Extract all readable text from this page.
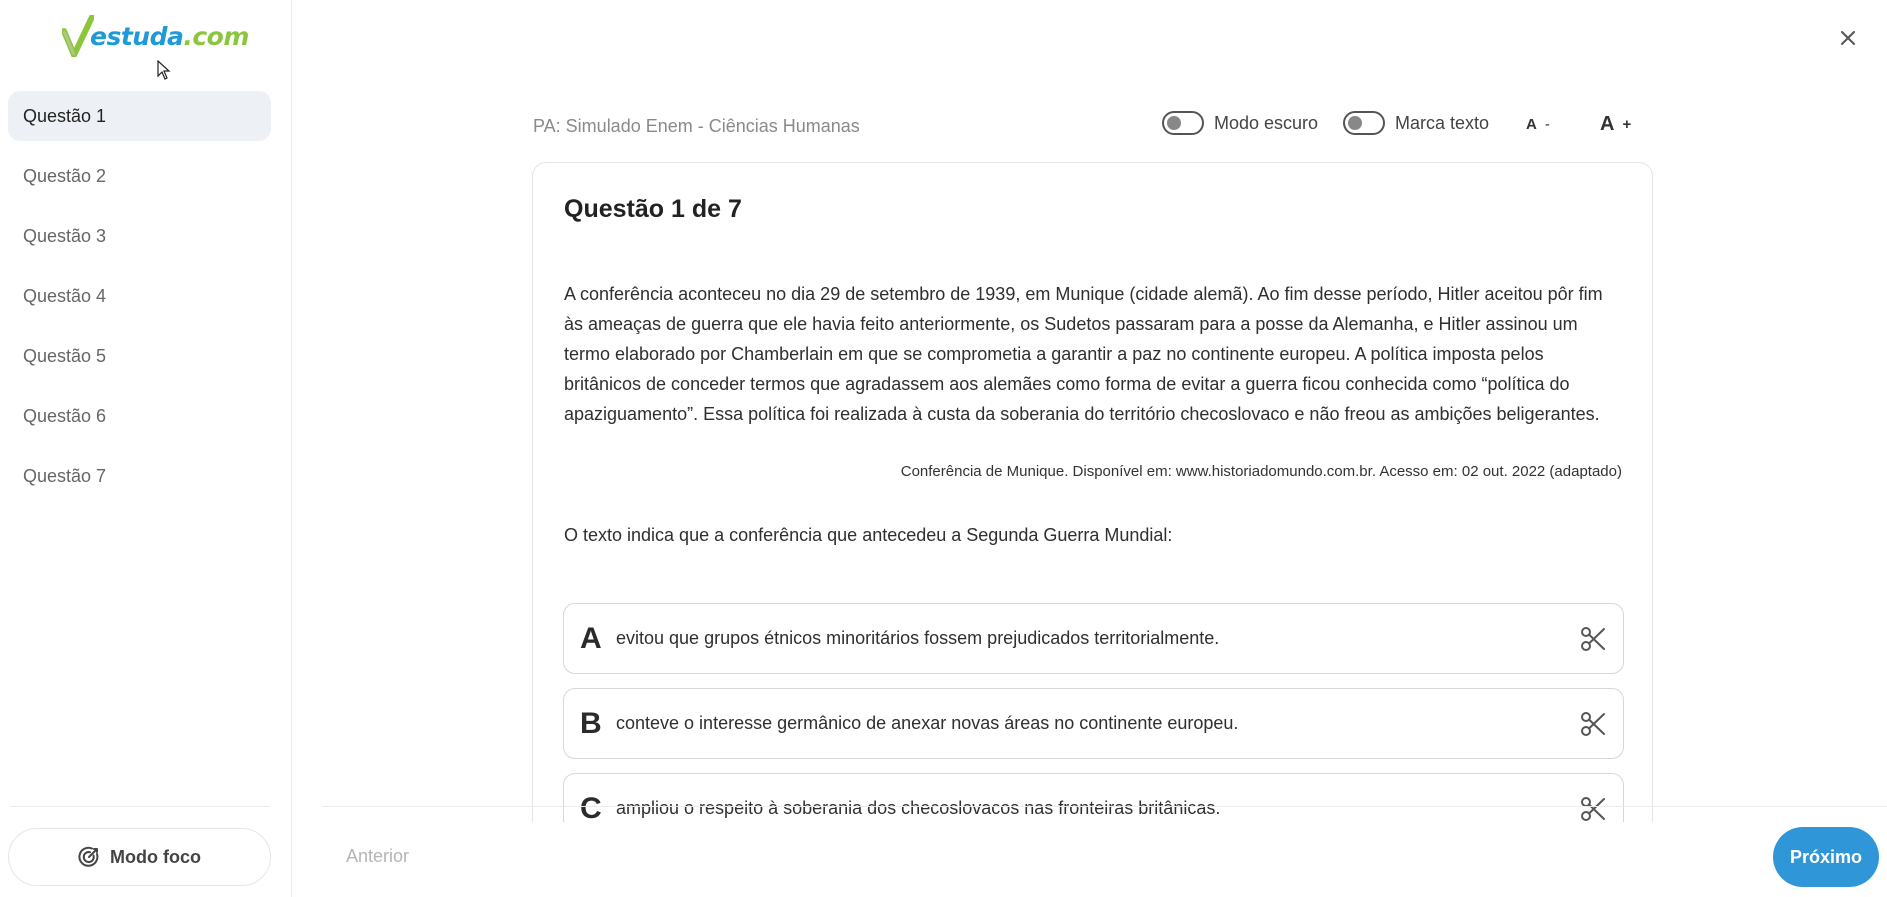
estuda.com
Questão 1
Questão 2
Questão 3
Questão 4
Questão 5
Questão 6
Questão 7
Modo foco
PA: Simulado Enem - Ciências Humanas	Modo escuro	Marca texto A -	A +
Questão 1 de 7
A conferência aconteceu no dia 29 de setembro de 1939, em Munique (cidade alemã). Ao fim desse período, Hitler aceitou pôr fim às ameaças de guerra que ele havia feito anteriormente, os Sudetos passaram para a posse da Alemanha, e Hitler assinou um termo elaborado por Chamberlain em que se comprometia a garantir a paz no continente europeu. A política imposta pelos britânicos de conceder termos que agradassem aos alemães como forma de evitar a guerra ficou conhecida como “política do apaziguamento”. Essa política foi realizada à custa da soberania do território checoslovaco e não freou as ambições beligerantes.
Conferência de Munique. Disponível em: www.historiadomundo.com.br. Acesso em: 02 out. 2022 (adaptado)
O texto indica que a conferência que antecedeu a Segunda Guerra Mundial:
A evitou que grupos étnicos minoritários fossem prejudicados territorialmente.
B conteve o interesse germânico de anexar novas áreas no continente europeu.
C ampliou o respeito à soberania dos checoslovacos nas fronteiras britânicas.
Anterior	Próximo
